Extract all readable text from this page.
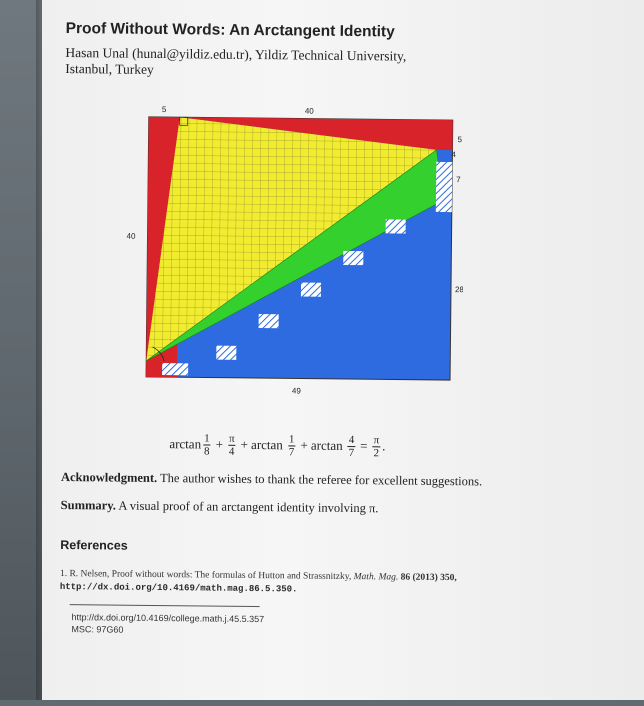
Proof Without Words: An Arctangent Identity
Hasan Unal (hunal@yildiz.edu.tr), Yildiz Technical University,
Istanbul, Turkey
5	40
5
4
7
28
40
49
$\arctan \frac{1}{8} + \frac{\pi}{4} + \arctan \frac{1}{7} + \arctan \frac{4}{7} = \frac{\pi}{2}$ .
Acknowledgment. The author wishes to thank the referee for excellent suggestions.
Summary. A visual proof of an arctangent identity involving π.
References
1. R. Nelsen, Proof without words: The formulas of Hutton and Strassnitzky, Math. Mag. 86 (2013) 350,
http://dx.doi.org/10.4169/math.mag.86.5.350.
http://dx.doi.org/10.4169/college.math.j.45.5.357
MSC: 97G60
